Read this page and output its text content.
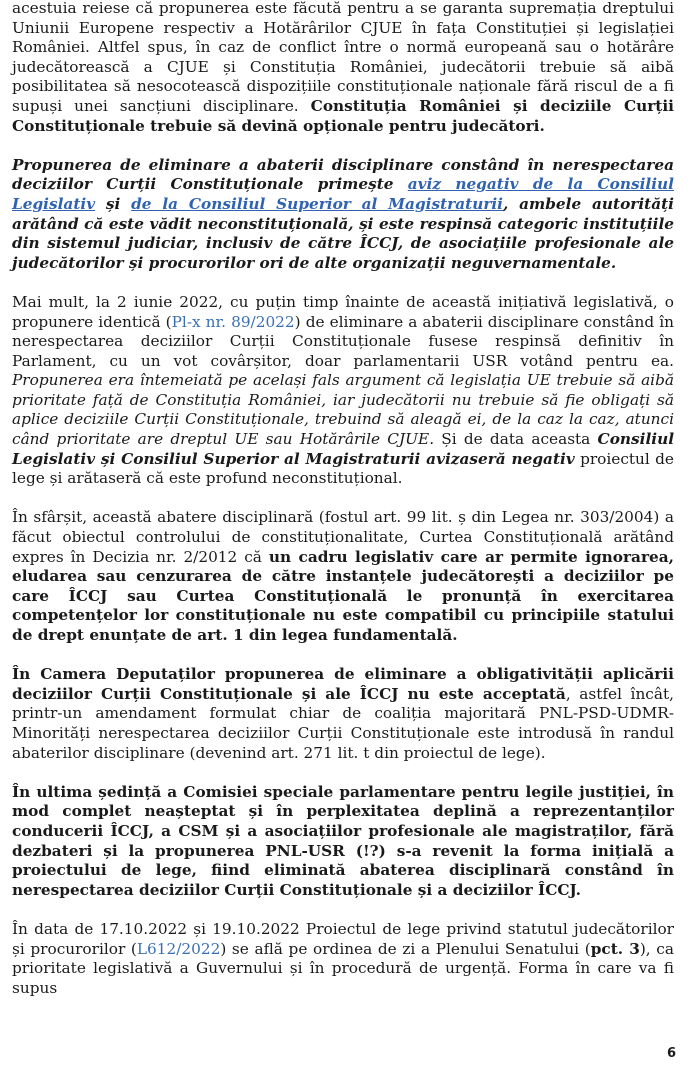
acestuia reiese că propunerea este făcută pentru a se garanta supremația dreptului Uniunii Europene respectiv a Hotărârilor CJUE în fața Constituției și legislației României. Altfel spus, în caz de conflict între o normă europeană sau o hotărâre judecătorească a CJUE și Constituția României, judecătorii trebuie să aibă posibilitatea să nesocotească dispozițiile constituționale naționale fără riscul de a fi supuși unei sancțiuni disciplinare. Constituția României și deciziile Curții Constituționale trebuie să devină opționale pentru judecători.

Propunerea de eliminare a abaterii disciplinare constând în nerespectarea deciziilor Curții Constituționale primește aviz negativ de la Consiliul Legislativ și de la Consiliul Superior al Magistraturii, ambele autorități arătând că este vădit neconstituțională, și este respinsă categoric instituțiile din sistemul judiciar, inclusiv de către ÎCCJ, de asociațiile profesionale ale judecătorilor și procurorilor ori de alte organizații neguvernamentale.

Mai mult, la 2 iunie 2022, cu puțin timp înainte de această inițiativă legislativă, o propunere identică (Pl-x nr. 89/2022) de eliminare a abaterii disciplinare constând în nerespectarea deciziilor Curții Constituționale fusese respinsă definitiv în Parlament, cu un vot covârșitor, doar parlamentarii USR votând pentru ea. Propunerea era întemeiată pe același fals argument că legislația UE trebuie să aibă prioritate față de Constituția României, iar judecătorii nu trebuie să fie obligați să aplice deciziile Curții Constituționale, trebuind să aleagă ei, de la caz la caz, atunci când prioritate are dreptul UE sau Hotărârile CJUE. Și de data aceasta Consiliul Legislativ și Consiliul Superior al Magistraturii avizaseră negativ proiectul de lege și arătaseră că este profund neconstituțional.

În sfârșit, această abatere disciplinară (fostul art. 99 lit. ș din Legea nr. 303/2004) a făcut obiectul controlului de constituționalitate, Curtea Constituțională arătând expres în Decizia nr. 2/2012 că un cadru legislativ care ar permite ignorarea, eludarea sau cenzurarea de către instanțele judecătorești a deciziilor pe care ÎCCJ sau Curtea Constituțională le pronunță în exercitarea competențelor lor constituționale nu este compatibil cu principiile statului de drept enunțate de art. 1 din legea fundamentală.

În Camera Deputaților propunerea de eliminare a obligativității aplicării deciziilor Curții Constituționale și ale ÎCCJ nu este acceptată, astfel încât, printr-un amendament formulat chiar de coaliția majoritară PNL-PSD-UDMR-Minorități nerespectarea deciziilor Curții Constituționale este introdusă în randul abaterilor disciplinare (devenind art. 271 lit. t din proiectul de lege).

În ultima ședință a Comisiei speciale parlamentare pentru legile justiției, în mod complet neașteptat și în perplexitatea deplină a reprezentanților conducerii ÎCCJ, a CSM și a asociațiilor profesionale ale magistraților, fără dezbateri și la propunerea PNL-USR (!?) s-a revenit la forma inițială a proiectului de lege, fiind eliminată abaterea disciplinară constând în nerespectarea deciziilor Curții Constituționale și a deciziilor ÎCCJ.

În data de 17.10.2022 și 19.10.2022 Proiectul de lege privind statutul judecătorilor și procurorilor (L612/2022) se află pe ordinea de zi a Plenului Senatului (pct. 3), ca prioritate legislativă a Guvernului și în procedură de urgență. Forma în care va fi supus

6
